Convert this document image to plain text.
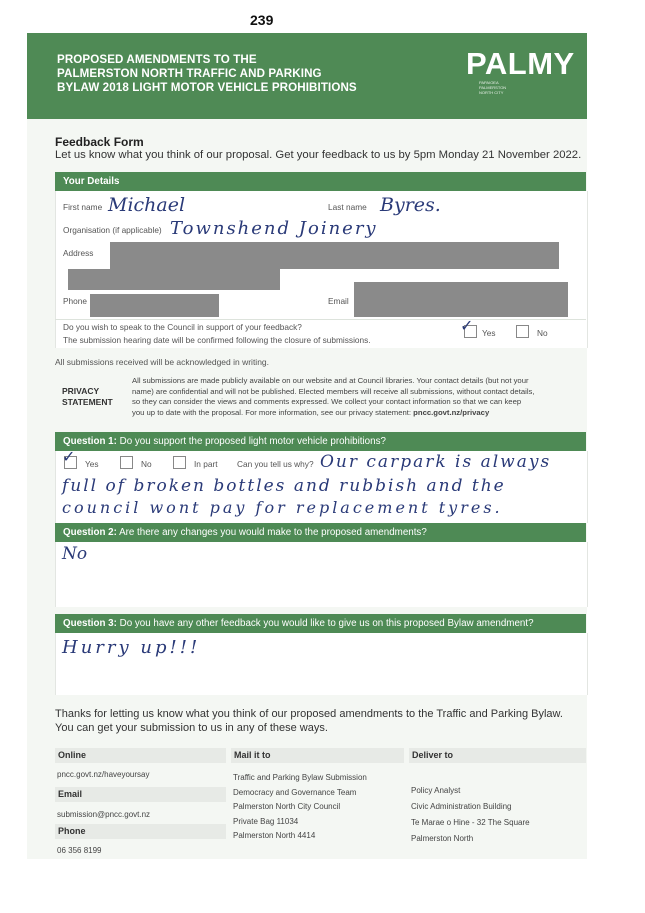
239
PROPOSED AMENDMENTS TO THE
PALMERSTON NORTH TRAFFIC AND PARKING
BYLAW 2018 LIGHT MOTOR VEHICLE PROHIBITIONS
PALMY
PAPAIOEA PALMERSTON NORTH CITY
Feedback Form
Let us know what you think of our proposal. Get your feedback to us by 5pm Monday 21 November 2022.
Your Details
First name Michael	Last name Byres.
Organisation (if applicable) Townshend Joinery
Address
Phone	Email
Do you wish to speak to the Council in support of your feedback?
The submission hearing date will be confirmed following the closure of submissions.
✓ Yes	No
All submissions received will be acknowledged in writing.
PRIVACY
STATEMENT
All submissions are made publicly available on our website and at Council libraries. Your contact details (but not your
name) are confidential and will not be published. Elected members will receive all submissions, without contact details,
so they can consider the views and comments expressed. We collect your contact information so that we can keep
you up to date with the proposal. For more information, see our privacy statement: pncc.govt.nz/privacy
Question 1: Do you support the proposed light motor vehicle prohibitions?
✓ Yes	No	In part Can you tell us why? Our carpark is always
full of broken bottles and rubbish and the
council wont pay for replacement tyres.
Question 2: Are there any changes you would make to the proposed amendments?
No
Question 3: Do you have any other feedback you would like to give us on this proposed Bylaw amendment?
Hurry up!!!
Thanks for letting us know what you think of our proposed amendments to the Traffic and Parking Bylaw.
You can get your submission to us in any of these ways.
Online
pncc.govt.nz/haveyoursay
Email
submission@pncc.govt.nz
Phone
06 356 8199
Mail it to
Traffic and Parking Bylaw Submission
Democracy and Governance Team
Palmerston North City Council
Private Bag 11034
Palmerston North 4414
Deliver to
Policy Analyst
Civic Administration Building
Te Marae o Hine - 32 The Square
Palmerston North
